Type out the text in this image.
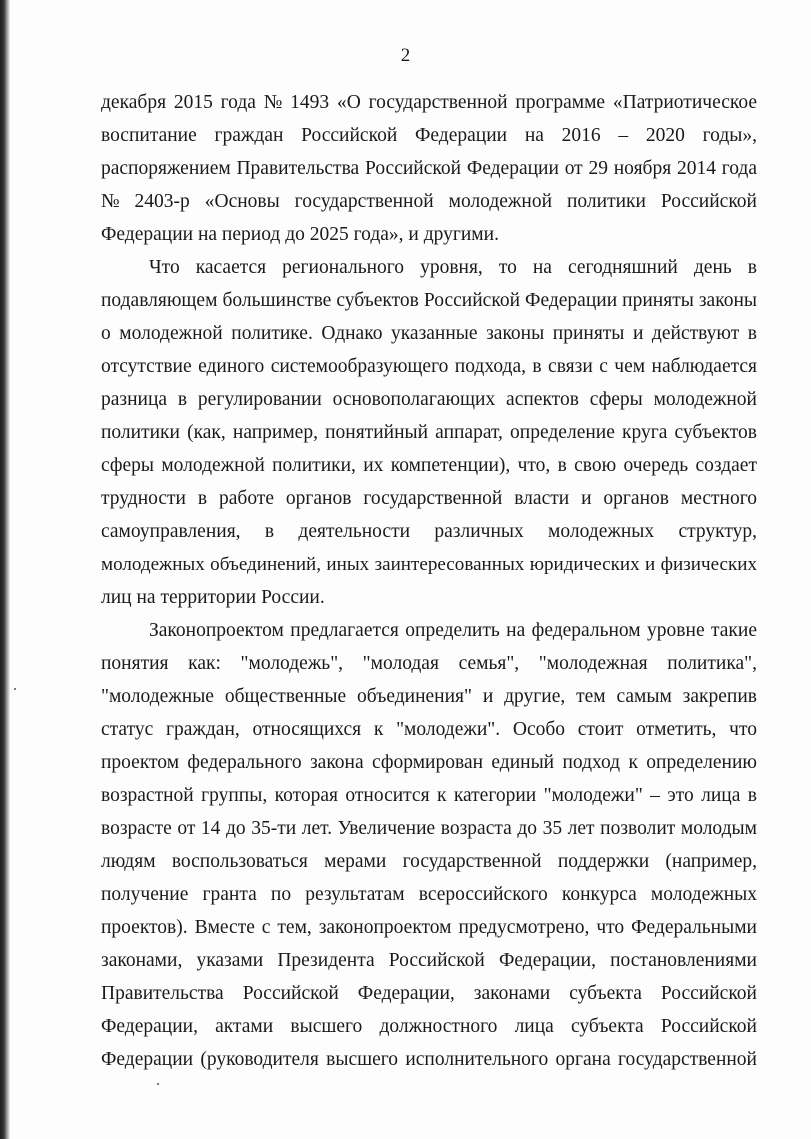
2

декабря 2015 года № 1493 «О государственной программе «Патриотическое
воспитание граждан Российской Федерации на 2016 – 2020 годы»,
распоряжением Правительства Российской Федерации от 29 ноября 2014 года
№ 2403-р «Основы государственной молодежной политики Российской
Федерации на период до 2025 года», и другими.

Что касается регионального уровня, то на сегодняшний день в
подавляющем большинстве субъектов Российской Федерации приняты законы
о молодежной политике. Однако указанные законы приняты и действуют в
отсутствие единого системообразующего подхода, в связи с чем наблюдается
разница в регулировании основополагающих аспектов сферы молодежной
политики (как, например, понятийный аппарат, определение круга субъектов
сферы молодежной политики, их компетенции), что, в свою очередь создает
трудности в работе органов государственной власти и органов местного
самоуправления, в деятельности различных молодежных структур,
молодежных объединений, иных заинтересованных юридических и физических
лиц на территории России.

Законопроектом предлагается определить на федеральном уровне такие
понятия как: "молодежь", "молодая семья", "молодежная политика",
"молодежные общественные объединения" и другие, тем самым закрепив
статус граждан, относящихся к "молодежи". Особо стоит отметить, что
проектом федерального закона сформирован единый подход к определению
возрастной группы, которая относится к категории "молодежи" – это лица в
возрасте от 14 до 35-ти лет. Увеличение возраста до 35 лет позволит молодым
людям воспользоваться мерами государственной поддержки (например,
получение гранта по результатам всероссийского конкурса молодежных
проектов). Вместе с тем, законопроектом предусмотрено, что Федеральными
законами, указами Президента Российской Федерации, постановлениями
Правительства Российской Федерации, законами субъекта Российской
Федерации, актами высшего должностного лица субъекта Российской
Федерации (руководителя высшего исполнительного органа государственной
